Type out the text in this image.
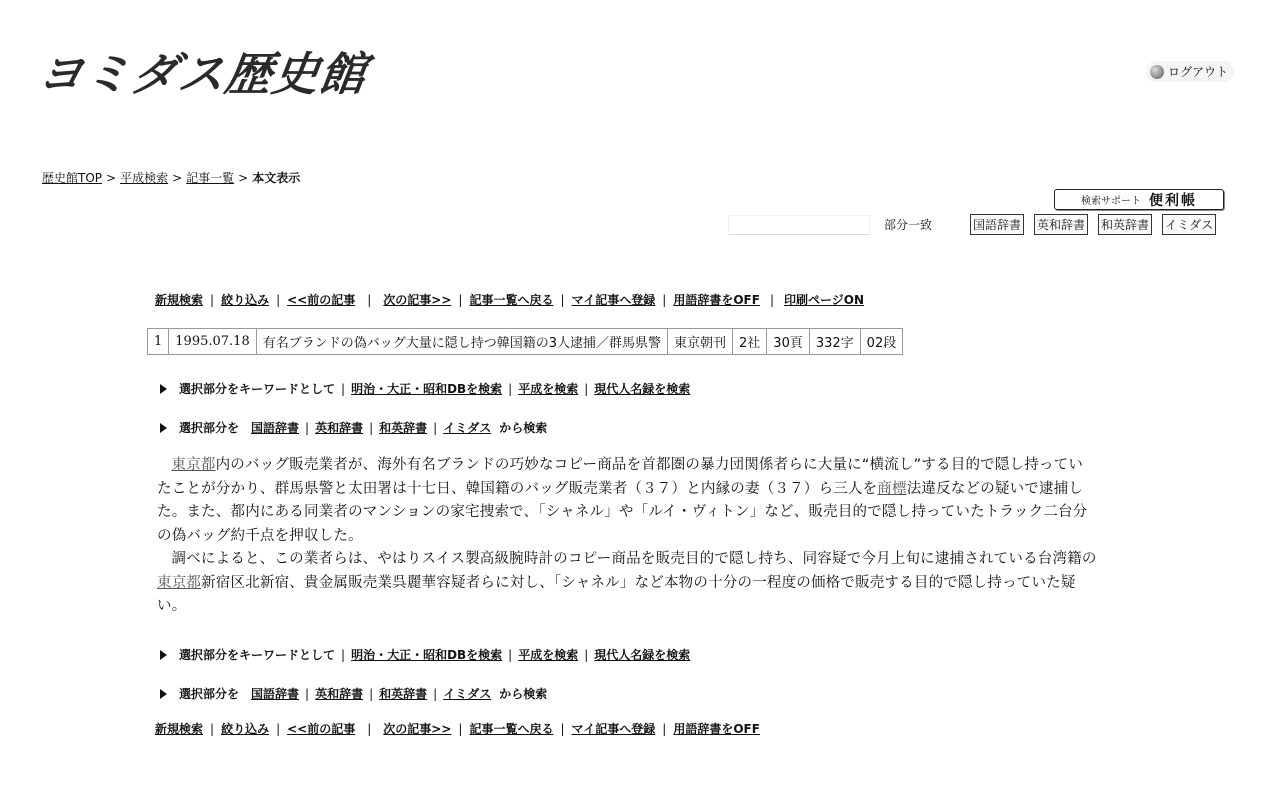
ヨミダス歴史館	ログアウト
歴史館TOP > 平成検索 > 記事一覧 > 本文表示
検索サポート 便利帳
部分一致	国語辞書 英和辞書 和英辞書 イミダス
新規検索 | 絞り込み | <<前の記事 | 次の記事>> | 記事一覧へ戻る | マイ記事へ登録 | 用語辞書をOFF | 印刷ページON
1	1995.07.18	有名ブランドの偽バッグ大量に隠し持つ韓国籍の3人逮捕／群馬県警	東京朝刊	2社	30頁	332字	02段
選択部分をキーワードとして | 明治・大正・昭和DBを検索 | 平成を検索 | 現代人名録を検索
選択部分を 国語辞書 | 英和辞書 | 和英辞書 | イミダス から検索

東京都内のバッグ販売業者が、海外有名ブランドの巧妙なコピー商品を首都圏の暴力団関係者らに大量に“横流し”する目的で隠し持っていたことが分かり、群馬県警と太田署は十七日、韓国籍のバッグ販売業者（３７）と内縁の妻（３７）ら三人を商標法違反などの疑いで逮捕した。また、都内にある同業者のマンションの家宅捜索で、「シャネル」や「ルイ・ヴィトン」など、販売目的で隠し持っていたトラック二台分の偽バッグ約千点を押収した。

調べによると、この業者らは、やはりスイス製高級腕時計のコピー商品を販売目的で隠し持ち、同容疑で今月上旬に逮捕されている台湾籍の東京都新宿区北新宿、貴金属販売業呉麗華容疑者らに対し、「シャネル」など本物の十分の一程度の価格で販売する目的で隠し持っていた疑い。

選択部分をキーワードとして | 明治・大正・昭和DBを検索 | 平成を検索 | 現代人名録を検索
選択部分を 国語辞書 | 英和辞書 | 和英辞書 | イミダス から検索
新規検索 | 絞り込み | <<前の記事 | 次の記事>> | 記事一覧へ戻る | マイ記事へ登録 | 用語辞書をOFF
